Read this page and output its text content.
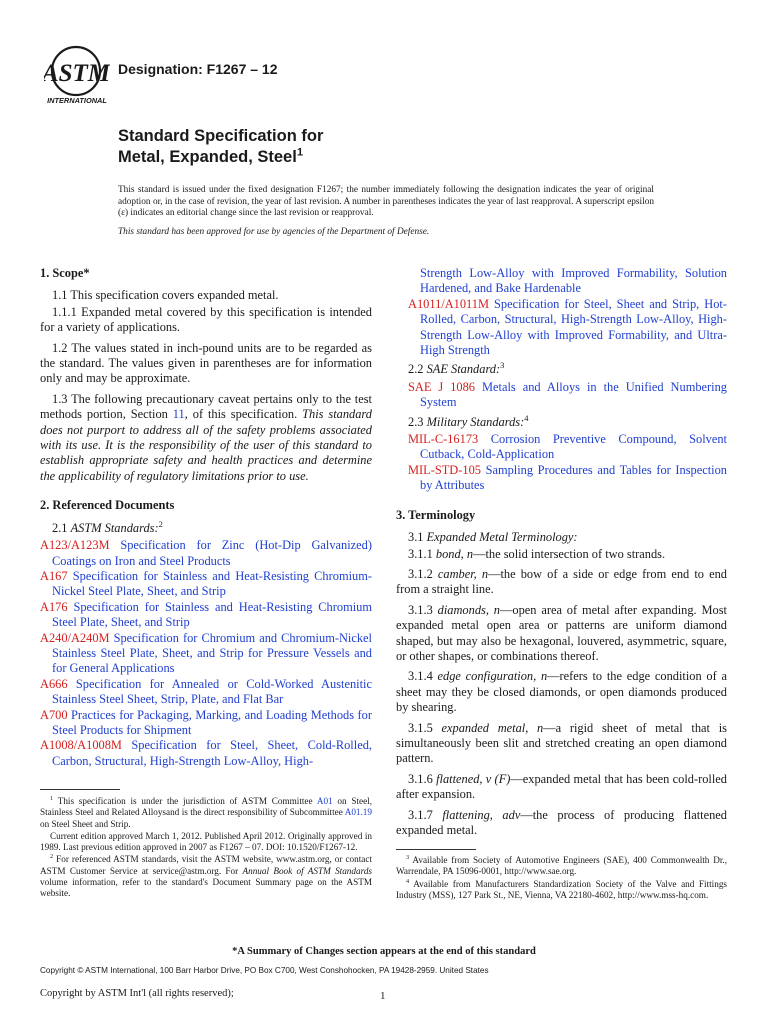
ASTM
INTERNATIONAL
Designation: F1267 – 12
Standard Specification for
Metal, Expanded, Steel$^1$

This standard is issued under the fixed designation F1267; the number immediately following the designation indicates the year of original adoption or, in the case of revision, the year of last revision. A number in parentheses indicates the year of last reapproval. A superscript epsilon (ε) indicates an editorial change since the last revision or reapproval.

This standard has been approved for use by agencies of the Department of Defense.

1. Scope*

1.1 This specification covers expanded metal.

1.1.1 Expanded metal covered by this specification is intended for a variety of applications.

1.2 The values stated in inch-pound units are to be regarded as the standard. The values given in parentheses are for information only and may be approximate.

1.3 The following precautionary caveat pertains only to the test methods portion, Section 11, of this specification. This standard does not purport to address all of the safety problems associated with its use. It is the responsibility of the user of this standard to establish appropriate safety and health practices and determine the applicability of regulatory limitations prior to use.

2. Referenced Documents

2.1 ASTM Standards:$^2$

A123/A123M Specification for Zinc (Hot-Dip Galvanized) Coatings on Iron and Steel Products

A167 Specification for Stainless and Heat-Resisting Chromium-Nickel Steel Plate, Sheet, and Strip

A176 Specification for Stainless and Heat-Resisting Chromium Steel Plate, Sheet, and Strip

A240/A240M Specification for Chromium and Chromium-Nickel Stainless Steel Plate, Sheet, and Strip for Pressure Vessels and for General Applications

A666 Specification for Annealed or Cold-Worked Austenitic Stainless Steel Sheet, Strip, Plate, and Flat Bar

A700 Practices for Packaging, Marking, and Loading Methods for Steel Products for Shipment

A1008/A1008M Specification for Steel, Sheet, Cold-Rolled, Carbon, Structural, High-Strength Low-Alloy, High-

Strength Low-Alloy with Improved Formability, Solution Hardened, and Bake Hardenable

A1011/A1011M Specification for Steel, Sheet and Strip, Hot-Rolled, Carbon, Structural, High-Strength Low-Alloy, High-Strength Low-Alloy with Improved Formability, and Ultra-High Strength

2.2 SAE Standard:$^3$

SAE J 1086 Metals and Alloys in the Unified Numbering System

2.3 Military Standards:$^4$

MIL-C-16173 Corrosion Preventive Compound, Solvent Cutback, Cold-Application

MIL-STD-105 Sampling Procedures and Tables for Inspection by Attributes

3. Terminology

3.1 Expanded Metal Terminology:

3.1.1 bond, n—the solid intersection of two strands.

3.1.2 camber, n—the bow of a side or edge from end to end from a straight line.

3.1.3 diamonds, n—open area of metal after expanding. Most expanded metal open area or patterns are uniform diamond shaped, but may also be hexagonal, louvered, asymmetric, square, or other shapes, or combinations thereof.

3.1.4 edge configuration, n—refers to the edge condition of a sheet may they be closed diamonds, or open diamonds produced by shearing.

3.1.5 expanded metal, n—a rigid sheet of metal that is simultaneously been slit and stretched creating an open diamond pattern.

3.1.6 flattened, v (F)—expanded metal that has been cold-rolled after expansion.

3.1.7 flattening, adv—the process of producing flattened expanded metal.

$^1$ This specification is under the jurisdiction of ASTM Committee A01 on Steel, Stainless Steel and Related Alloysand is the direct responsibility of Subcommittee A01.19 on Steel Sheet and Strip.

Current edition approved March 1, 2012. Published April 2012. Originally approved in 1989. Last previous edition approved in 2007 as F1267 – 07. DOI: 10.1520/F1267-12.

$^2$ For referenced ASTM standards, visit the ASTM website, www.astm.org, or contact ASTM Customer Service at service@astm.org. For Annual Book of ASTM Standards volume information, refer to the standard's Document Summary page on the ASTM website.

$^3$ Available from Society of Automotive Engineers (SAE), 400 Commonwealth Dr., Warrendale, PA 15096-0001, http://www.sae.org.

$^4$ Available from Manufacturers Standardization Society of the Valve and Fittings Industry (MSS), 127 Park St., NE, Vienna, VA 22180-4602, http://www.mss-hq.com.

*A Summary of Changes section appears at the end of this standard
Copyright © ASTM International, 100 Barr Harbor Drive, PO Box C700, West Conshohocken, PA 19428-2959. United States
Copyright by ASTM Int'l (all rights reserved);	1
